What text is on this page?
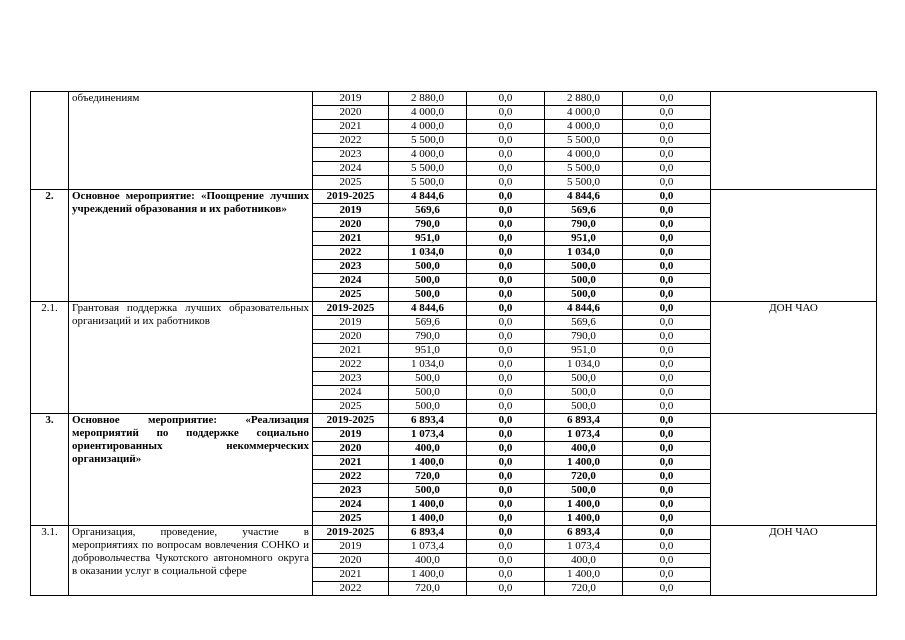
	объединениям	2019	2 880,0	0,0	2 880,0	0,0	
		2020	4 000,0	0,0	4 000,0	0,0	
		2021	4 000,0	0,0	4 000,0	0,0	
		2022	5 500,0	0,0	5 500,0	0,0	
		2023	4 000,0	0,0	4 000,0	0,0	
		2024	5 500,0	0,0	5 500,0	0,0	
		2025	5 500,0	0,0	5 500,0	0,0	
2.	Основное мероприятие: «Поощрение лучших учреждений образования и их работников»	2019-2025	4 844,6	0,0	4 844,6	0,0	
		2019	569,6	0,0	569,6	0,0	
		2020	790,0	0,0	790,0	0,0	
		2021	951,0	0,0	951,0	0,0	
		2022	1 034,0	0,0	1 034,0	0,0	
		2023	500,0	0,0	500,0	0,0	
		2024	500,0	0,0	500,0	0,0	
		2025	500,0	0,0	500,0	0,0	
2.1.	Грантовая поддержка лучших образовательных организаций и их работников	2019-2025	4 844,6	0,0	4 844,6	0,0	ДОН ЧАО
		2019	569,6	0,0	569,6	0,0	
		2020	790,0	0,0	790,0	0,0	
		2021	951,0	0,0	951,0	0,0	
		2022	1 034,0	0,0	1 034,0	0,0	
		2023	500,0	0,0	500,0	0,0	
		2024	500,0	0,0	500,0	0,0	
		2025	500,0	0,0	500,0	0,0	
3.	Основное мероприятие: «Реализация мероприятий по поддержке социально ориентированных некоммерческих организаций»	2019-2025	6 893,4	0,0	6 893,4	0,0	
		2019	1 073,4	0,0	1 073,4	0,0	
		2020	400,0	0,0	400,0	0,0	
		2021	1 400,0	0,0	1 400,0	0,0	
		2022	720,0	0,0	720,0	0,0	
		2023	500,0	0,0	500,0	0,0	
		2024	1 400,0	0,0	1 400,0	0,0	
		2025	1 400,0	0,0	1 400,0	0,0	
3.1.	Организация, проведение, участие в мероприятиях по вопросам вовлечения СОНКО и добровольчества Чукотского автономного округа в оказании услуг в социальной сфере	2019-2025	6 893,4	0,0	6 893,4	0,0	ДОН ЧАО
		2019	1 073,4	0,0	1 073,4	0,0	
		2020	400,0	0,0	400,0	0,0	
		2021	1 400,0	0,0	1 400,0	0,0	
		2022	720,0	0,0	720,0	0,0	
